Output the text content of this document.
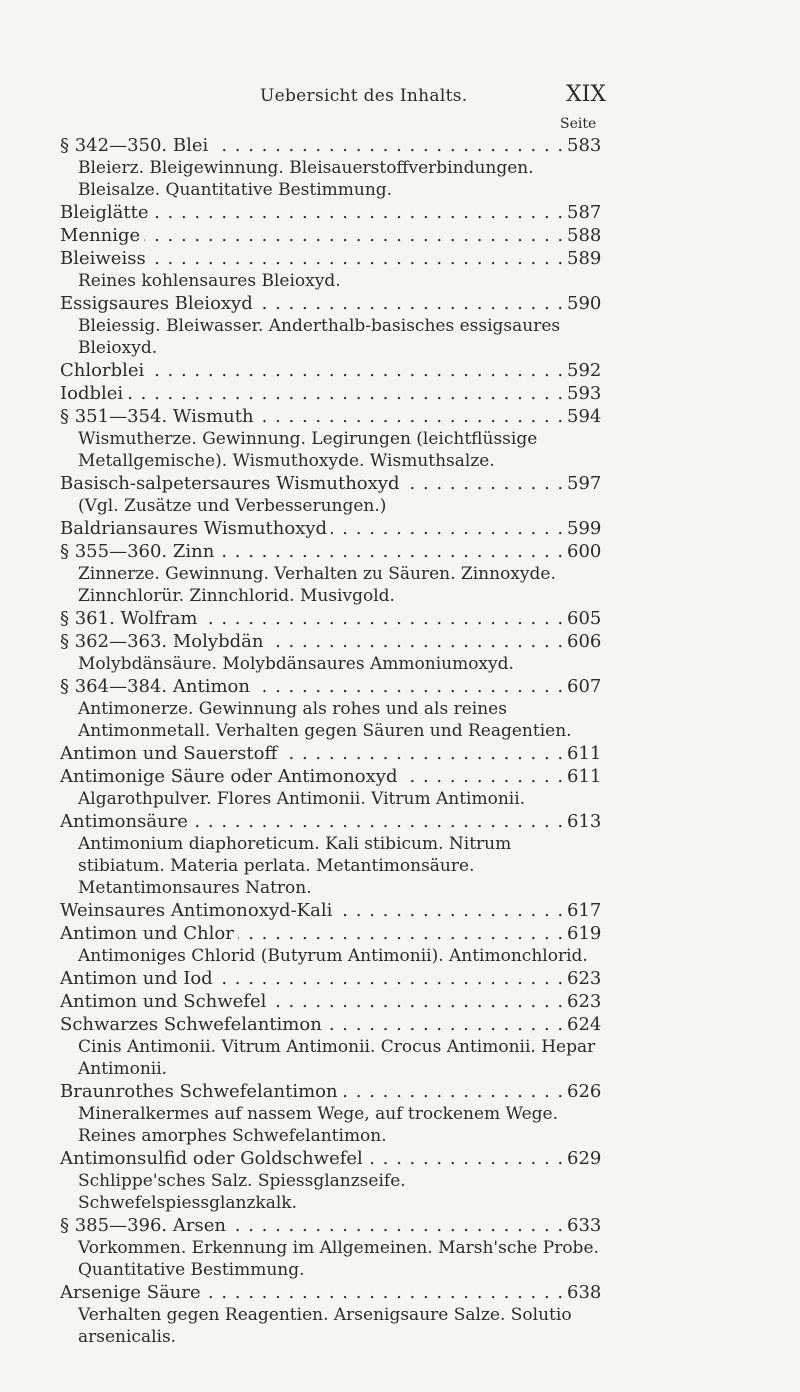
Uebersicht des Inhalts.	XIX
Seite
§ 342—350. Blei . . .	583
Bleierz. Bleigewinnung. Bleisauerstoffverbindungen. Bleisalze. Quantitative Bestimmung.
Bleiglätte . . .	587
Mennige . . .	588
Bleiweiss . . .	589
Reines kohlensaures Bleioxyd.
Essigsaures Bleioxyd . . .	590
Bleiessig. Bleiwasser. Anderthalb-basisches essigsaures Bleioxyd.
Chlorblei . . .	592
Iodblei . . .	593
§ 351—354. Wismuth . . .	594
Wismutherze. Gewinnung. Legirungen (leichtflüssige Metallgemische). Wismuthoxyde. Wismuthsalze.
Basisch-salpetersaures Wismuthoxyd . . .	597
(Vgl. Zusätze und Verbesserungen.)
Baldriansaures Wismuthoxyd . . .	599
§ 355—360. Zinn . . .	600
Zinnerze. Gewinnung. Verhalten zu Säuren. Zinnoxyde. Zinnchlorür. Zinnchlorid. Musivgold.
§ 361. Wolfram . . .	605
§ 362—363. Molybdän . . .	606
Molybdänsäure. Molybdänsaures Ammoniumoxyd.
§ 364—384. Antimon . . .	607
Antimonerze. Gewinnung als rohes und als reines Antimonmetall. Verhalten gegen Säuren und Reagentien.
Antimon und Sauerstoff . . .	611
Antimonige Säure oder Antimonoxyd . . .	611
Algarothpulver. Flores Antimonii. Vitrum Antimonii.
Antimonsäure . . .	613
Antimonium diaphoreticum. Kali stibicum. Nitrum stibiatum. Materia perlata. Metantimonsäure. Metantimonsaures Natron.
Weinsaures Antimonoxyd-Kali . . .	617
Antimon und Chlor . . .	619
Antimoniges Chlorid (Butyrum Antimonii). Antimonchlorid.
Antimon und Iod . . .	623
Antimon und Schwefel . . .	623
Schwarzes Schwefelantimon . . .	624
Cinis Antimonii. Vitrum Antimonii. Crocus Antimonii. Hepar Antimonii.
Braunrothes Schwefelantimon . . .	626
Mineralkermes auf nassem Wege, auf trockenem Wege. Reines amorphes Schwefelantimon.
Antimonsulfid oder Goldschwefel . . .	629
Schlippe'sches Salz. Spiessglanzseife. Schwefelspiessglanzkalk.
§ 385—396. Arsen . . .	633
Vorkommen. Erkennung im Allgemeinen. Marsh'sche Probe. Quantitative Bestimmung.
Arsenige Säure . . .	638
Verhalten gegen Reagentien. Arsenigsaure Salze. Solutio arsenicalis.
